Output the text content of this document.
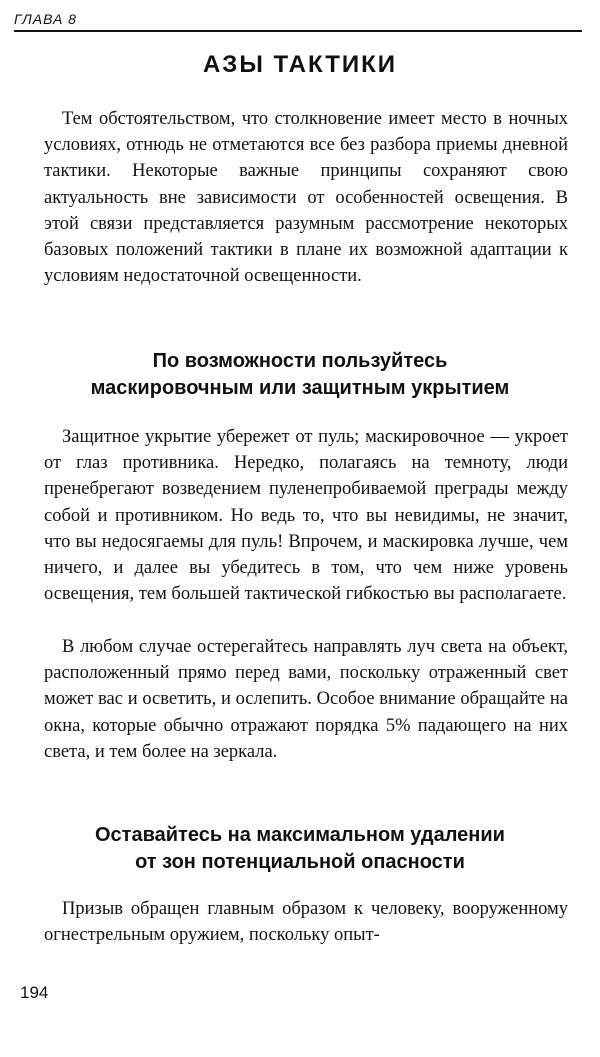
ГЛАВА 8
АЗЫ ТАКТИКИ

Тем обстоятельством, что столкновение имеет место в ночных условиях, отнюдь не отметаются все без разбора приемы дневной тактики. Некоторые важные принципы сохраняют свою актуальность вне зависимости от особенностей освещения. В этой связи представляется разумным рассмотрение некоторых базовых положений тактики в плане их возможной адаптации к условиям недостаточной освещенности.

По возможности пользуйтесь
маскировочным или защитным укрытием

Защитное укрытие убережет от пуль; маскировочное — укроет от глаз противника. Нередко, полагаясь на темноту, люди пренебрегают возведением пуленепробиваемой преграды между собой и противником. Но ведь то, что вы невидимы, не значит, что вы недосягаемы для пуль! Впрочем, и маскировка лучше, чем ничего, и далее вы убедитесь в том, что чем ниже уровень освещения, тем большей тактической гибкостью вы располагаете.

В любом случае остерегайтесь направлять луч света на объект, расположенный прямо перед вами, поскольку отраженный свет может вас и осветить, и ослепить. Особое внимание обращайте на окна, которые обычно отражают порядка 5% падающего на них света, и тем более на зеркала.

Оставайтесь на максимальном удалении
от зон потенциальной опасности

Призыв обращен главным образом к человеку, вооруженному огнестрельным оружием, поскольку опыт-

194
